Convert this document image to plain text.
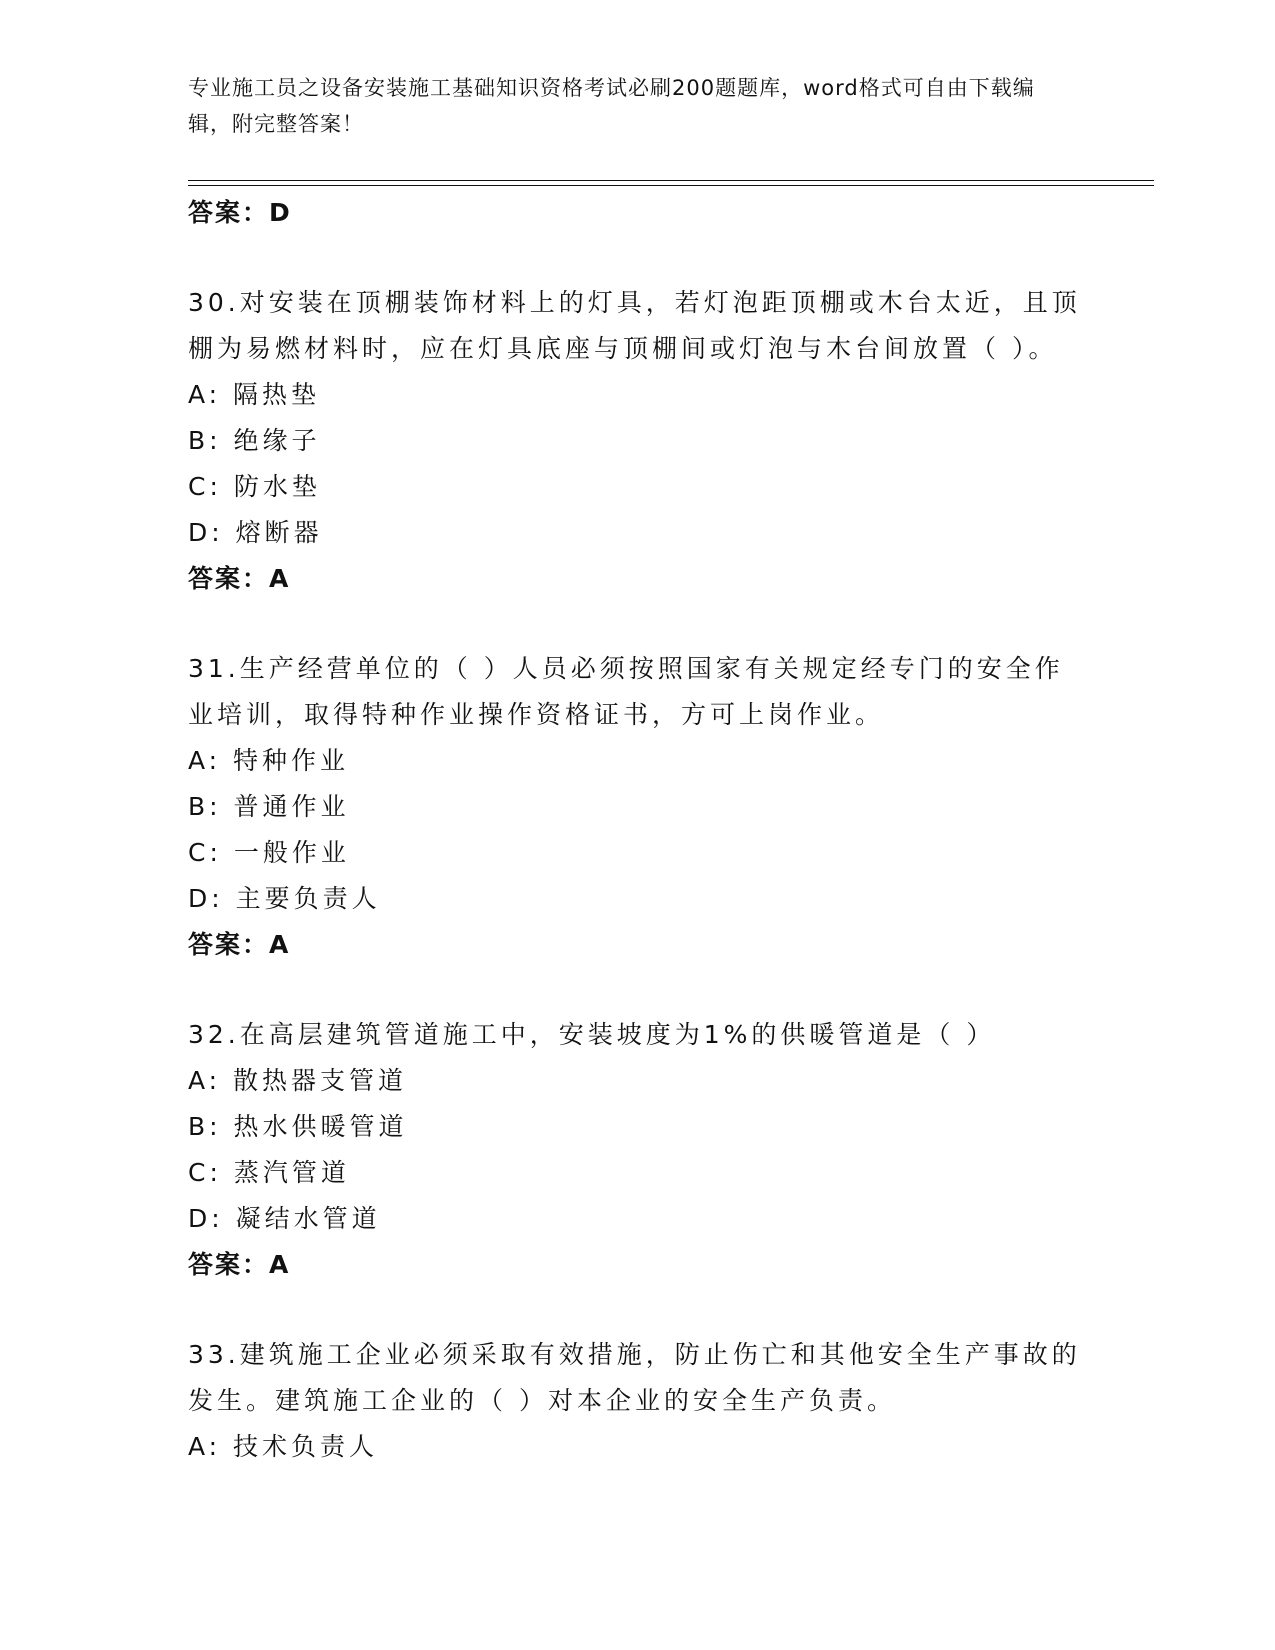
专业施工员之设备安装施工基础知识资格考试必刷200题题库，word格式可自由下载编辑，附完整答案！
答案：D
30.对安装在顶棚装饰材料上的灯具，若灯泡距顶棚或木台太近，且顶
棚为易燃材料时，应在灯具底座与顶棚间或灯泡与木台间放置（ ）。
A: 隔热垫
B: 绝缘子
C: 防水垫
D: 熔断器
答案：A
31.生产经营单位的（ ）人员必须按照国家有关规定经专门的安全作
业培训，取得特种作业操作资格证书，方可上岗作业。
A: 特种作业
B: 普通作业
C: 一般作业
D: 主要负责人
答案：A
32.在高层建筑管道施工中，安装坡度为1%的供暖管道是（ ）
A: 散热器支管道
B: 热水供暖管道
C: 蒸汽管道
D: 凝结水管道
答案：A
33.建筑施工企业必须采取有效措施，防止伤亡和其他安全生产事故的
发生。建筑施工企业的（ ）对本企业的安全生产负责。
A: 技术负责人
